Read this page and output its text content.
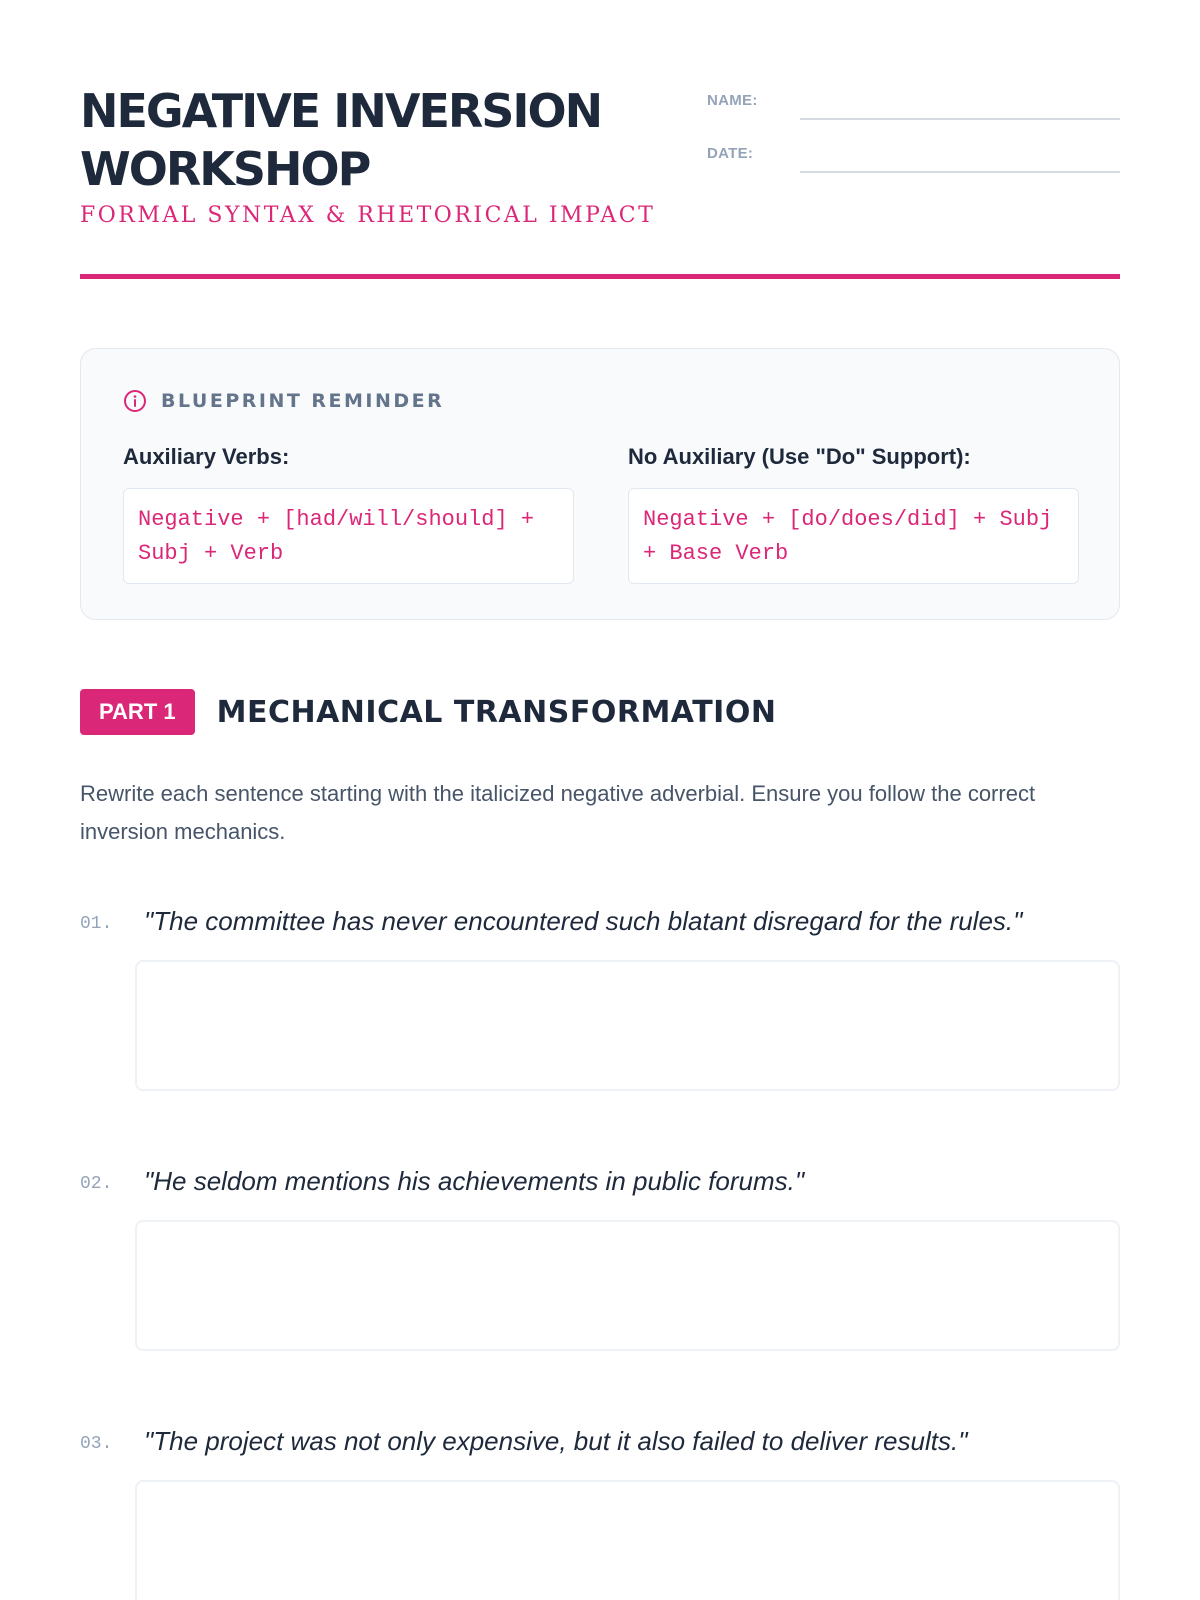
NEGATIVE INVERSION WORKSHOP
FORMAL SYNTAX & RHETORICAL IMPACT
NAME:
DATE:
BLUEPRINT REMINDER
Auxiliary Verbs:
Negative + [had/will/should] + Subj + Verb
No Auxiliary (Use "Do" Support):
Negative + [do/does/did] + Subj + Base Verb
PART 1	MECHANICAL TRANSFORMATION

Rewrite each sentence starting with the italicized negative adverbial. Ensure you follow the correct inversion mechanics.

01. "The committee has never encountered such blatant disregard for the rules."
02. "He seldom mentions his achievements in public forums."
03. "The project was not only expensive, but it also failed to deliver results."
